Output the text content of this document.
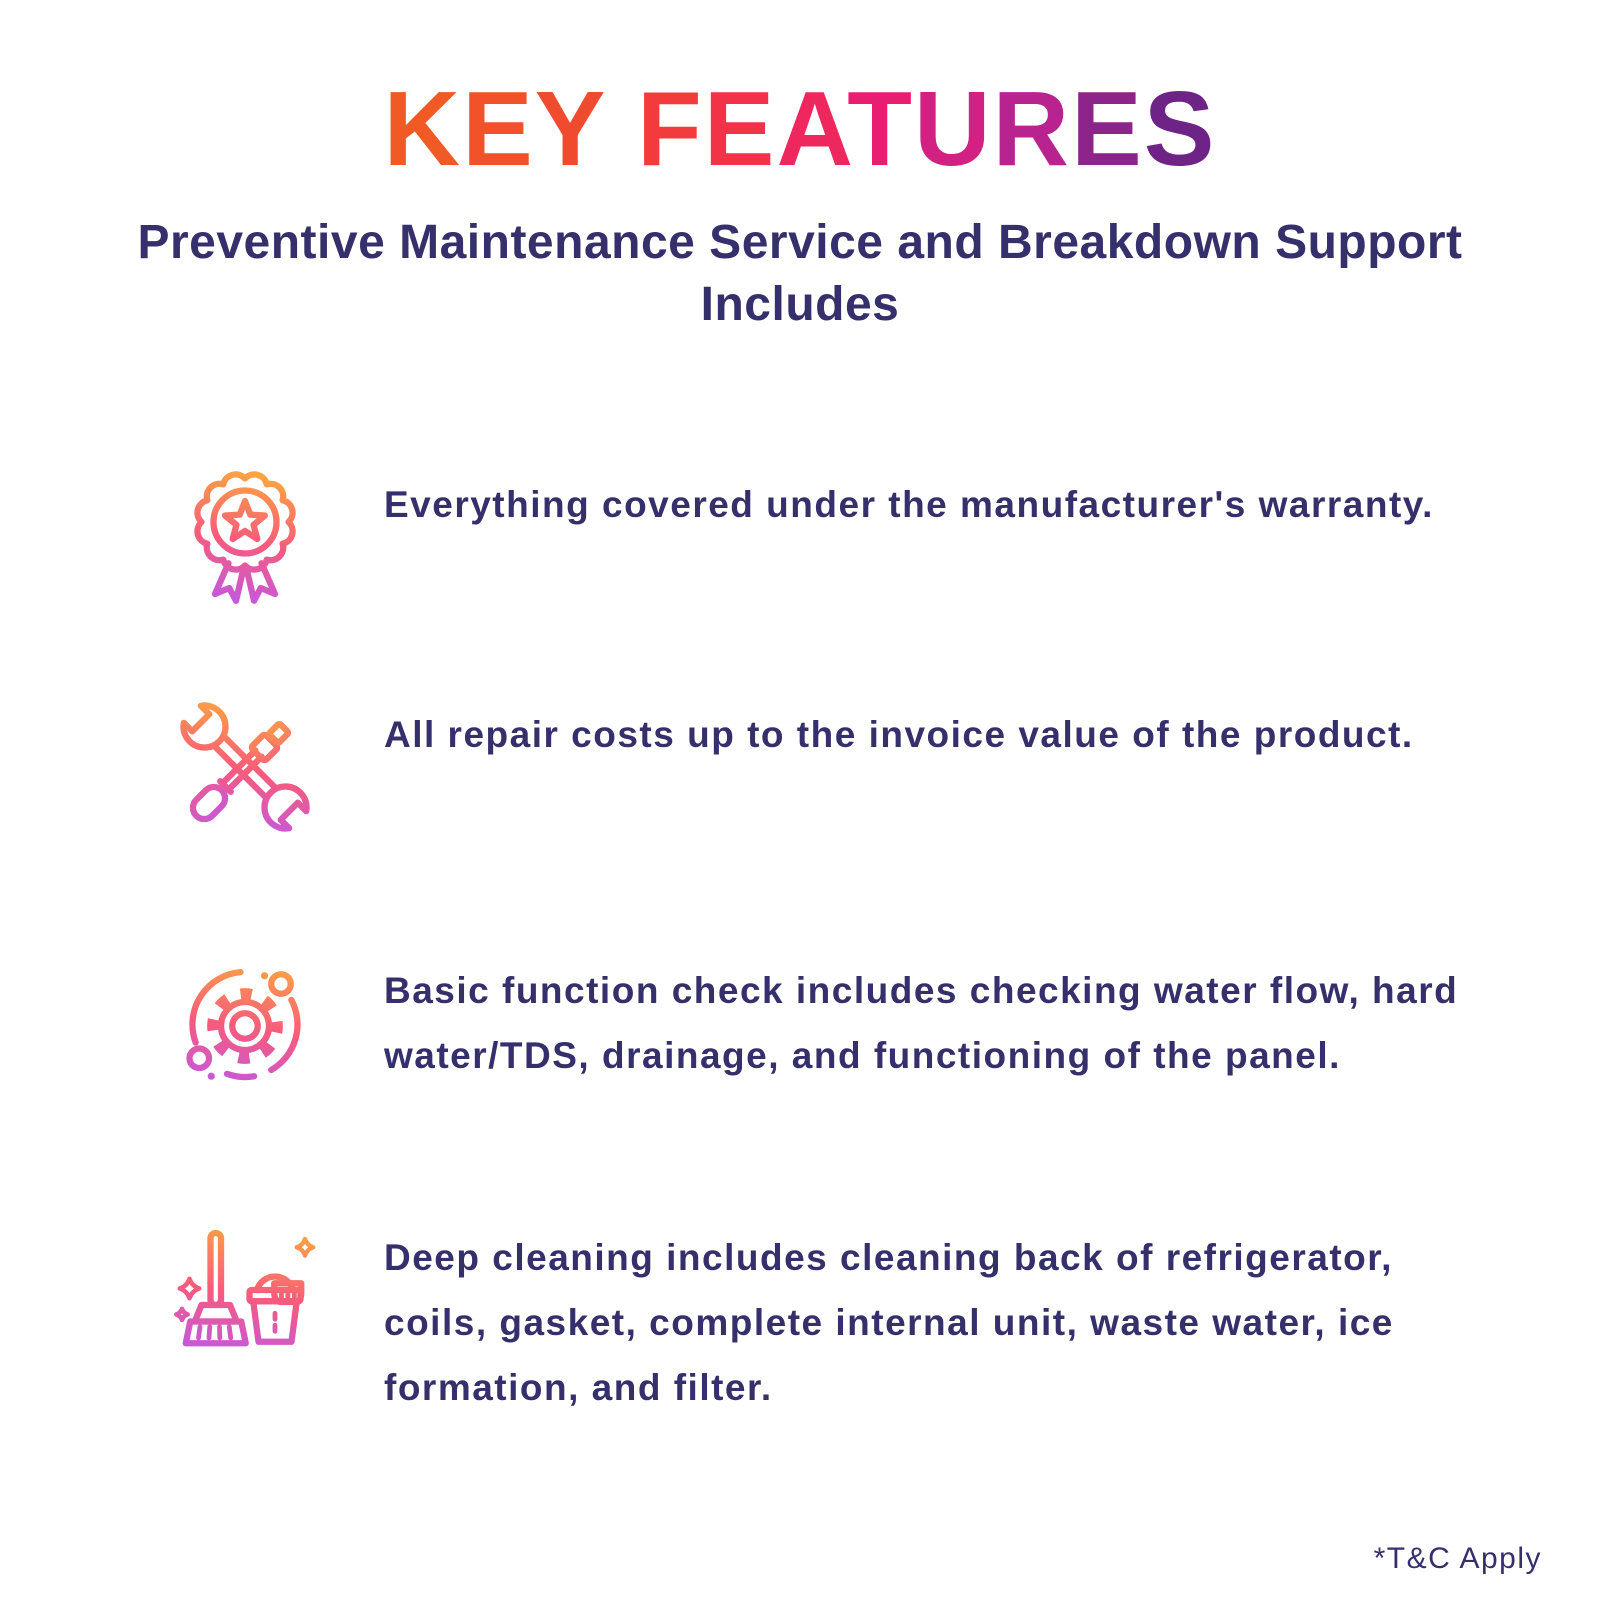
KEY FEATURES
Preventive Maintenance Service and Breakdown Support Includes

Everything covered under the manufacturer's warranty.

All repair costs up to the invoice value of the product.

Basic function check includes checking water flow, hard water/TDS, drainage, and functioning of the panel.

Deep cleaning includes cleaning back of refrigerator, coils, gasket, complete internal unit, waste water, ice formation, and filter.

*T&C Apply
